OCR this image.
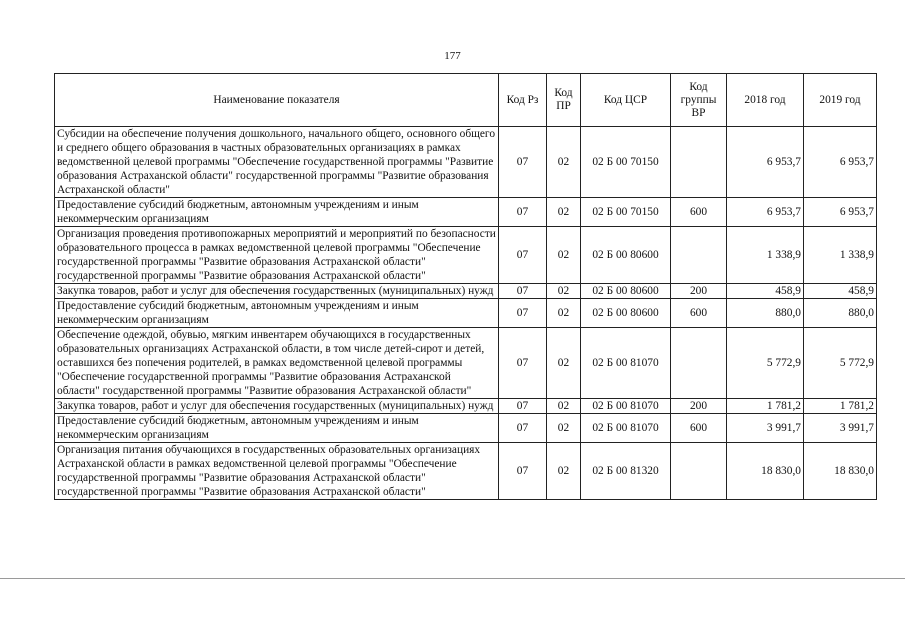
177
Наименование показателя	Код Рз	Код ПР	Код ЦСР	Код группы ВР	2018 год	2019 год
Субсидии на обеспечение получения дошкольного, начального общего, основного общего и среднего общего образования в частных образовательных организациях в рамках ведомственной целевой программы "Обеспечение государственной программы "Развитие образования Астраханской области" государственной программы "Развитие образования Астраханской области"	07	02	02 Б 00 70150		6 953,7	6 953,7
Предоставление субсидий бюджетным, автономным учреждениям и иным некоммерческим организациям	07	02	02 Б 00 70150	600	6 953,7	6 953,7
Организация проведения противопожарных мероприятий и мероприятий по безопасности образовательного процесса в рамках ведомственной целевой программы "Обеспечение государственной программы "Развитие образования Астраханской области" государственной программы "Развитие образования Астраханской области"	07	02	02 Б 00 80600		1 338,9	1 338,9
Закупка товаров, работ и услуг для обеспечения государственных (муниципальных) нужд	07	02	02 Б 00 80600	200	458,9	458,9
Предоставление субсидий бюджетным, автономным учреждениям и иным некоммерческим организациям	07	02	02 Б 00 80600	600	880,0	880,0
Обеспечение одеждой, обувью, мягким инвентарем обучающихся в государственных образовательных организациях Астраханской области, в том числе детей-сирот и детей, оставшихся без попечения родителей, в рамках ведомственной целевой программы "Обеспечение государственной программы "Развитие образования Астраханской области" государственной программы "Развитие образования Астраханской области"	07	02	02 Б 00 81070		5 772,9	5 772,9
Закупка товаров, работ и услуг для обеспечения государственных (муниципальных) нужд	07	02	02 Б 00 81070	200	1 781,2	1 781,2
Предоставление субсидий бюджетным, автономным учреждениям и иным некоммерческим организациям	07	02	02 Б 00 81070	600	3 991,7	3 991,7
Организация питания обучающихся в государственных образовательных организациях Астраханской области в рамках ведомственной целевой программы "Обеспечение государственной программы "Развитие образования Астраханской области" государственной программы "Развитие образования Астраханской области"	07	02	02 Б 00 81320		18 830,0	18 830,0
